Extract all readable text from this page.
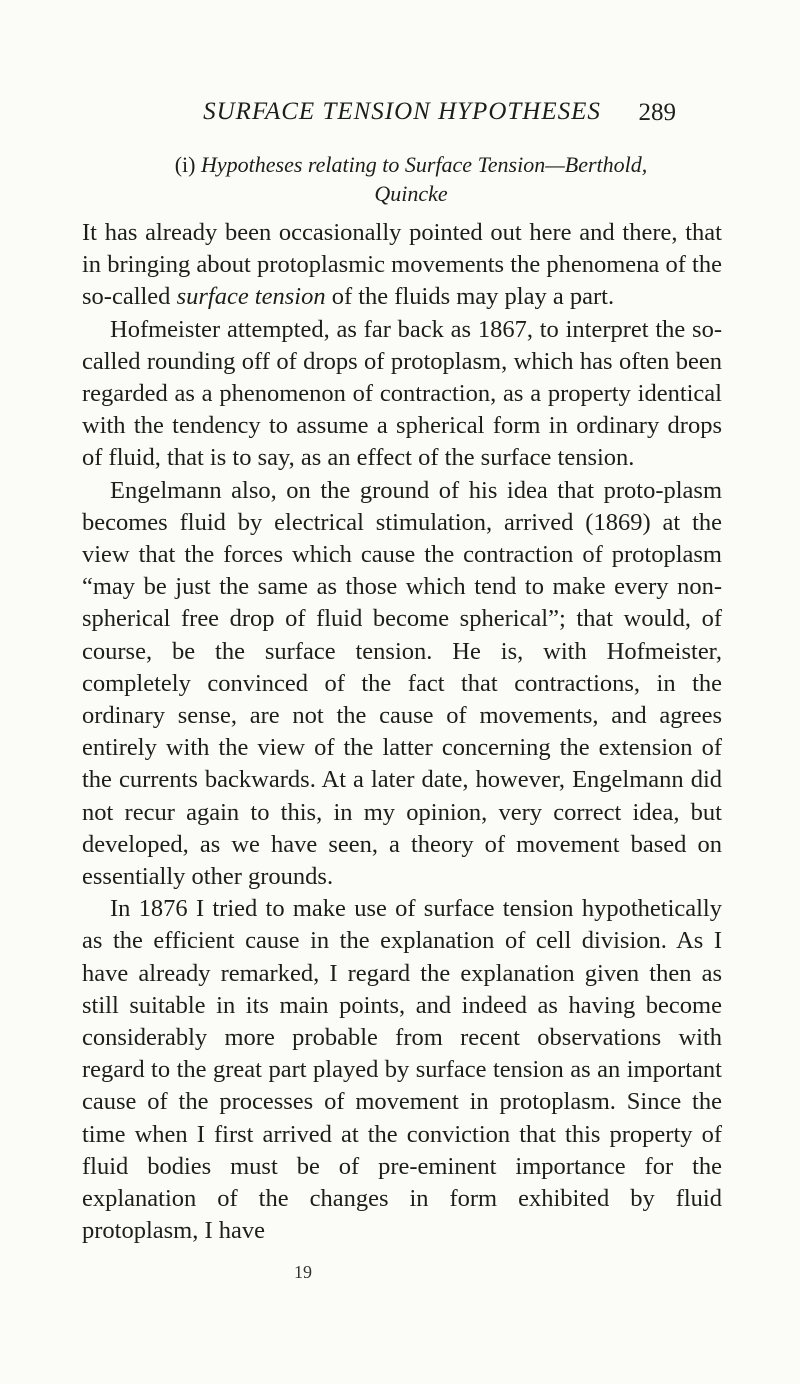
SURFACE TENSION HYPOTHESES	289
(i) Hypotheses relating to Surface Tension—Berthold,
Quincke

It has already been occasionally pointed out here and there, that in bringing about protoplasmic movements the phenomena of the so-called surface tension of the fluids may play a part.

Hofmeister attempted, as far back as 1867, to interpret the so-called rounding off of drops of protoplasm, which has often been regarded as a phenomenon of contraction, as a property identical with the tendency to assume a spherical form in ordinary drops of fluid, that is to say, as an effect of the surface tension.

Engelmann also, on the ground of his idea that proto-plasm becomes fluid by electrical stimulation, arrived (1869) at the view that the forces which cause the contraction of protoplasm “may be just the same as those which tend to make every non-spherical free drop of fluid become spherical”; that would, of course, be the surface tension. He is, with Hofmeister, completely convinced of the fact that contractions, in the ordinary sense, are not the cause of movements, and agrees entirely with the view of the latter concerning the extension of the currents backwards. At a later date, however, Engelmann did not recur again to this, in my opinion, very correct idea, but developed, as we have seen, a theory of movement based on essentially other grounds.

In 1876 I tried to make use of surface tension hypothetically as the efficient cause in the explanation of cell division. As I have already remarked, I regard the explanation given then as still suitable in its main points, and indeed as having become considerably more probable from recent observations with regard to the great part played by surface tension as an important cause of the processes of movement in protoplasm. Since the time when I first arrived at the conviction that this property of fluid bodies must be of pre-eminent importance for the explanation of the changes in form exhibited by fluid protoplasm, I have

19
